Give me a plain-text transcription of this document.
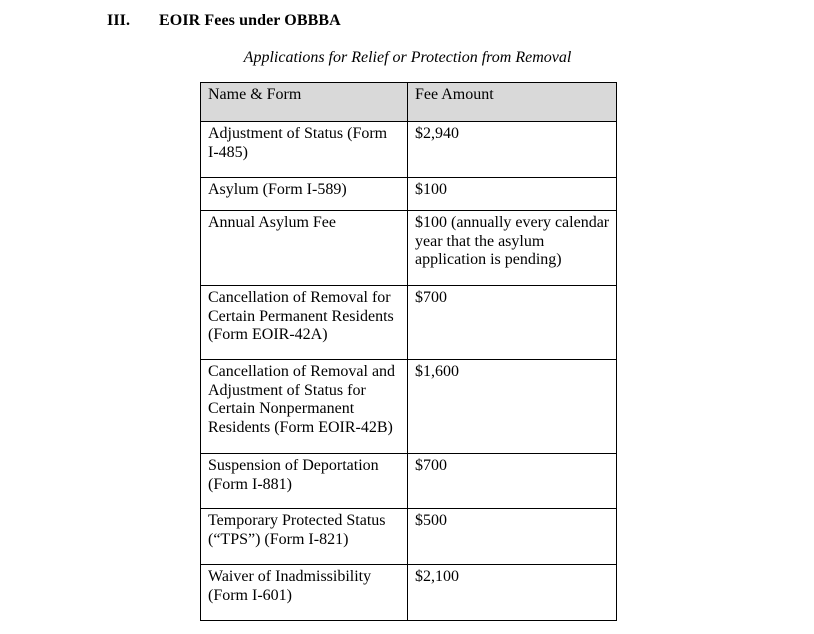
III. EOIR Fees under OBBBA
Applications for Relief or Protection from Removal
Name & Form	Fee Amount
Adjustment of Status (Form I-485)	$2,940
Asylum (Form I-589)	$100
Annual Asylum Fee	$100 (annually every calendar year that the asylum application is pending)
Cancellation of Removal for Certain Permanent Residents (Form EOIR-42A)	$700
Cancellation of Removal and Adjustment of Status for Certain Nonpermanent Residents (Form EOIR-42B)	$1,600
Suspension of Deportation (Form I-881)	$700
Temporary Protected Status (“TPS”) (Form I-821)	$500
Waiver of Inadmissibility (Form I-601)	$2,100
